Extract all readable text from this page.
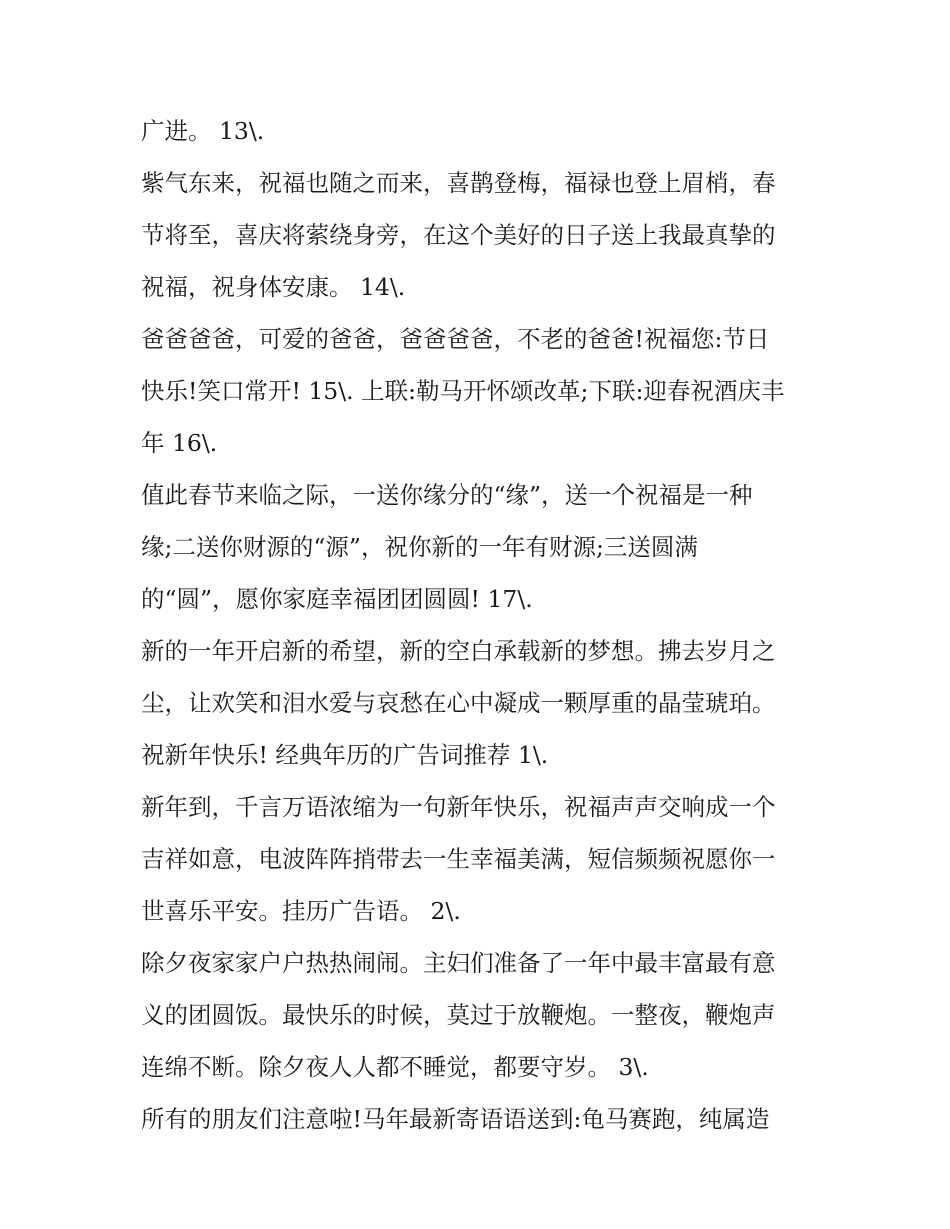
广进。 13\.
紫气东来，祝福也随之而来，喜鹊登梅，福禄也登上眉梢，春
节将至，喜庆将萦绕身旁，在这个美好的日子送上我最真挚的
祝福，祝身体安康。 14\.
爸爸爸爸，可爱的爸爸，爸爸爸爸，不老的爸爸!祝福您:节日
快乐!笑口常开! 15\. 上联:勒马开怀颂改革;下联:迎春祝酒庆丰
年 16\.
值此春节来临之际，一送你缘分的“缘”，送一个祝福是一种
缘;二送你财源的“源”，祝你新的一年有财源;三送圆满
的“圆”，愿你家庭幸福团团圆圆! 17\.
新的一年开启新的希望，新的空白承载新的梦想。拂去岁月之
尘，让欢笑和泪水爱与哀愁在心中凝成一颗厚重的晶莹琥珀。
祝新年快乐! 经典年历的广告词推荐 1\.
新年到，千言万语浓缩为一句新年快乐，祝福声声交响成一个
吉祥如意，电波阵阵捎带去一生幸福美满，短信频频祝愿你一
世喜乐平安。挂历广告语。 2\.
除夕夜家家户户热热闹闹。主妇们准备了一年中最丰富最有意
义的团圆饭。最快乐的时候，莫过于放鞭炮。一整夜，鞭炮声
连绵不断。除夕夜人人都不睡觉，都要守岁。 3\.
所有的朋友们注意啦!马年最新寄语语送到:龟马赛跑，纯属造
